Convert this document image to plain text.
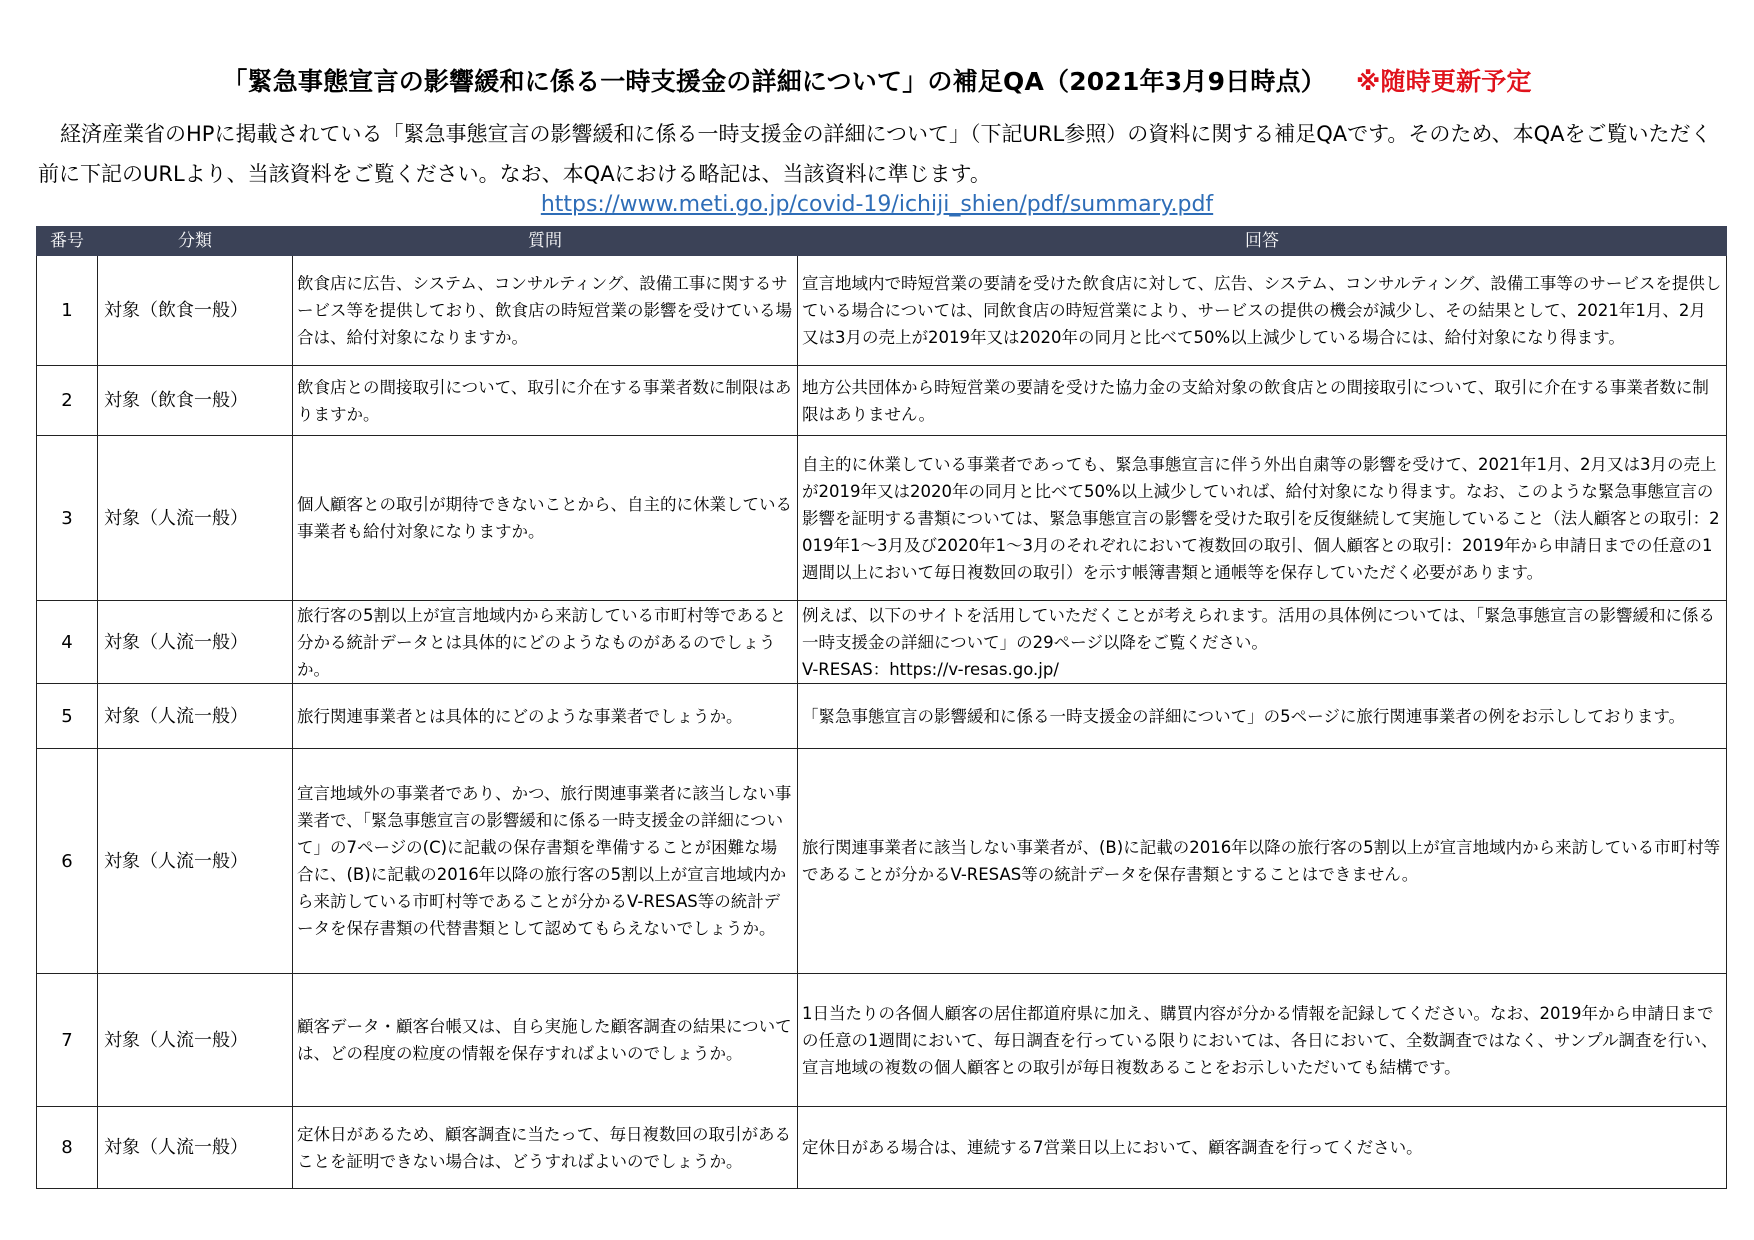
「緊急事態宣言の影響緩和に係る一時支援金の詳細について」の補足QA（2021年3月9日時点） ※随時更新予定

経済産業省のHPに掲載されている「緊急事態宣言の影響緩和に係る一時支援金の詳細について」（下記URL参照）の資料に関する補足QAです。そのため、本QAをご覧いただく前に下記のURLより、当該資料をご覧ください。なお、本QAにおける略記は、当該資料に準じます。

https://www.meti.go.jp/covid-19/ichiji_shien/pdf/summary.pdf
番号	分類	質問	回答
1	対象（飲食一般）	飲食店に広告、システム、コンサルティング、設備工事に関するサービス等を提供しており、飲食店の時短営業の影響を受けている場合は、給付対象になりますか。	宣言地域内で時短営業の要請を受けた飲食店に対して、広告、システム、コンサルティング、設備工事等のサービスを提供している場合については、同飲食店の時短営業により、サービスの提供の機会が減少し、その結果として、2021年1月、2月又は3月の売上が2019年又は2020年の同月と比べて50%以上減少している場合には、給付対象になり得ます。
2	対象（飲食一般）	飲食店との間接取引について、取引に介在する事業者数に制限はありますか。	地方公共団体から時短営業の要請を受けた協力金の支給対象の飲食店との間接取引について、取引に介在する事業者数に制限はありません。
3	対象（人流一般）	個人顧客との取引が期待できないことから、自主的に休業している事業者も給付対象になりますか。	自主的に休業している事業者であっても、緊急事態宣言に伴う外出自粛等の影響を受けて、2021年1月、2月又は3月の売上が2019年又は2020年の同月と比べて50%以上減少していれば、給付対象になり得ます。なお、このような緊急事態宣言の影響を証明する書類については、緊急事態宣言の影響を受けた取引を反復継続して実施していること（法人顧客との取引：2019年1～3月及び2020年1～3月のそれぞれにおいて複数回の取引、個人顧客との取引：2019年から申請日までの任意の1週間以上において毎日複数回の取引）を示す帳簿書類と通帳等を保存していただく必要があります。
4	対象（人流一般）	旅行客の5割以上が宣言地域内から来訪している市町村等であると分かる統計データとは具体的にどのようなものがあるのでしょうか。	例えば、以下のサイトを活用していただくことが考えられます。活用の具体例については、「緊急事態宣言の影響緩和に係る一時支援金の詳細について」の29ページ以降をご覧ください。
V-RESAS：https://v-resas.go.jp/
5	対象（人流一般）	旅行関連事業者とは具体的にどのような事業者でしょうか。	「緊急事態宣言の影響緩和に係る一時支援金の詳細について」の5ページに旅行関連事業者の例をお示ししております。
6	対象（人流一般）	宣言地域外の事業者であり、かつ、旅行関連事業者に該当しない事業者で、「緊急事態宣言の影響緩和に係る一時支援金の詳細について」の7ページの(C)に記載の保存書類を準備することが困難な場合に、(B)に記載の2016年以降の旅行客の5割以上が宣言地域内から来訪している市町村等であることが分かるV-RESAS等の統計データを保存書類の代替書類として認めてもらえないでしょうか。	旅行関連事業者に該当しない事業者が、(B)に記載の2016年以降の旅行客の5割以上が宣言地域内から来訪している市町村等であることが分かるV-RESAS等の統計データを保存書類とすることはできません。
7	対象（人流一般）	顧客データ・顧客台帳又は、自ら実施した顧客調査の結果については、どの程度の粒度の情報を保存すればよいのでしょうか。	1日当たりの各個人顧客の居住都道府県に加え、購買内容が分かる情報を記録してください。なお、2019年から申請日までの任意の1週間において、毎日調査を行っている限りにおいては、各日において、全数調査ではなく、サンプル調査を行い、宣言地域の複数の個人顧客との取引が毎日複数あることをお示しいただいても結構です。
8	対象（人流一般）	定休日があるため、顧客調査に当たって、毎日複数回の取引があることを証明できない場合は、どうすればよいのでしょうか。	定休日がある場合は、連続する7営業日以上において、顧客調査を行ってください。
